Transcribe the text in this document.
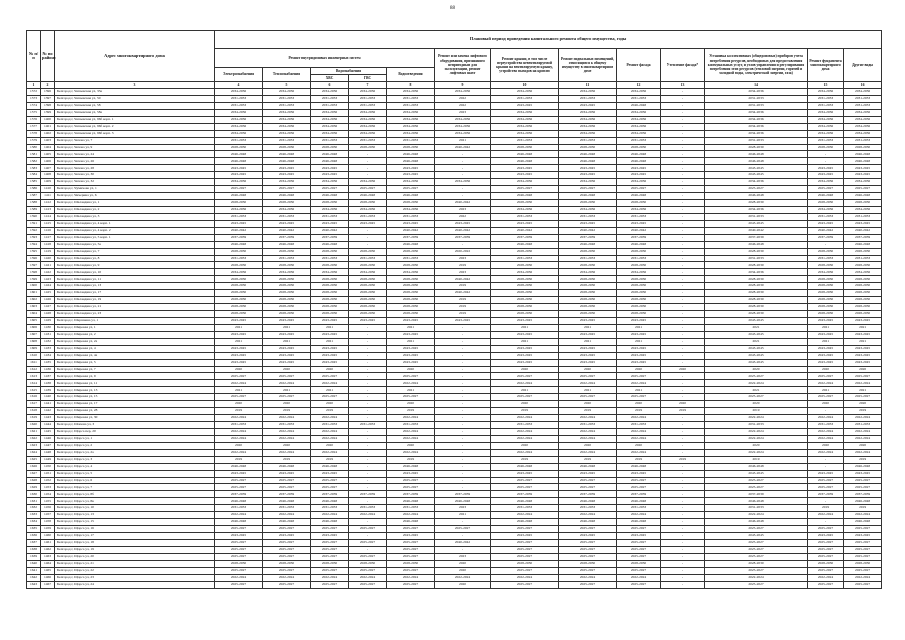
88
№ п/п	№ по району	Адрес многоквартирного дома	Плановый период проведения капитального ремонта общего имущества, годы												
			Ремонт внутридомовых инженерных систем					Ремонт или замена лифтового оборудования, признанного непригодным для эксплуатации, ремонт лифтовых шахт	Ремонт крыши, в том числе переустройство невентилируемой крыши на вентилируемую крышу, устройство выходов на кровлю	Ремонт подвальных помещений, относящихся к общему имуществу в многоквартирном доме	Ремонт фасада	Утепление фасада*	Установка коллективных (общедомовых) приборов учета потребления ресурсов, необходимых для предоставления коммунальных услуг, и узлов управления и регулирования потребления этих ресурсов (тепловой энергии, горячей и холодной воды, электрической энергии, газа)	Ремонт фундамента многоквартирного дома	Другие виды
			Электроснабжения	Теплоснабжения	Водоснабжения
ХВС ГВС		Водоотведения								
1	2	3	4	5	6	7	8	9	10	11	12	13	14	15	16
1572	1396	Белгород г, Чапаевская ул, 33а	2034-2036	2034-2036	2034-2036	2034-2036	2034-2036	2034-2036	2034-2036	2034-2036	2034-2036	-	2034-2036	2034-2036	2034-2036
1573	1397	Белгород г, Чапаевская ул, 50	2031-2033	2031-2033	2031-2033	2031-2033	2031-2033	2022	2031-2033	2031-2033	2031-2033	-	2031-2033	2031-2033	2031-2033
1574	1398	Белгород г, Чапаевская ул, 58	2031-2033	2031-2033	2031-2033	2031-2033	2031-2033	2022	2043-2045	2043-2045	2046-2048	-	2031-2033	2031-2033	2031-2033
1575	1399	Белгород г, Чапаевская ул, 58а	2034-2036	2034-2036	2034-2036	2034-2036	2034-2036	2023	2034-2036	2034-2036	2034-2036	-	2034-2036	2034-2036	2034-2036
1576	1400	Белгород г, Чапаевская ул, 96б корп. 1	2034-2036	2034-2036	2034-2036	2034-2036	2034-2036	2034-2036	2034-2036	2034-2036	2034-2036	-	2034-2036	2034-2036	2034-2036
1577	1401	Белгород г, Чапаевская ул, 96б корп. 2	2034-2036	2034-2036	2034-2036	2034-2036	2034-2036	2034-2036	2034-2036	2034-2036	2034-2036	-	2034-2036	2034-2036	2034-2036
1578	1402	Белгород г, Чапаевская ул, 96б корп. 3	2034-2036	2034-2036	2034-2036	2034-2036	2034-2036	2034-2036	2034-2036	2034-2036	2034-2036	-	2034-2036	2034-2036	2034-2036
1579	1403	Белгород г, Чехова ул, 7	2031-2033	2031-2033	2031-2033	2031-2033	2031-2033	2021	2031-2033	2031-2033	2031-2033	-	2031-2033	2031-2033	2031-2033
1580	1404	Белгород г, Чехова ул, 9	2028-2030	2028-2030	2028-2030	2028-2030	2028-2030	2040-2042	2028-2030	2028-2030	2028-2030	-	2028-2030	2028-2030	2028-2030
1581	1405	Белгород г, Чехова ул, 24	2046-2048	2046-2048	2046-2048	-	2046-2048	-	2046-2048	2046-2048	2046-2048	-	2046-2048	-	2046-2048
1582	1406	Белгород г, Чехова ул, 26	2046-2048	2046-2048	2046-2048	-	2046-2048	-	2046-2048	2046-2048	2046-2048	-	2046-2048	-	2046-2048
1583	1407	Белгород г, Чехова ул, 28	2043-2045	2043-2045	2043-2045	-	2043-2045	-	2043-2045	2043-2045	2043-2045	-	2043-2045	2043-2045	2043-2045
1584	1408	Белгород г, Чехова ул, 30	2043-2045	2043-2045	2043-2045	-	2043-2045	-	2043-2045	2043-2045	2043-2045	-	2043-2045	2043-2045	2043-2045
1585	1409	Белгород г, Чехова ул, 32	2034-2036	2034-2036	2034-2036	2034-2036	2034-2036	2034-2036	2034-2036	2034-2036	2034-2036	-	2034-2036	2034-2036	2034-2036
1586	1410	Белгород г, Чумичова ул, 1	2025-2027	2025-2027	2025-2027	2025-2027	2025-2027	-	2025-2027	2025-2027	2025-2027	-	2025-2027	2025-2027	2025-2027
1587	1411	Белгород г, Чичерина ул, 6	2046-2048	2046-2048	2046-2048	2046-2048	2046-2048	-	2046-2048	2046-2048	2046-2048	-	2046-2048	2046-2048	2046-2048
1588	1412	Белгород г, Шаландина ул, 1	2028-2030	2028-2030	2028-2030	2028-2030	2028-2030	2040-2042	2028-2030	2028-2030	2028-2030	-	2028-2030	2028-2030	2028-2030
1589	1413	Белгород г, Шаландина ул, 2	2034-2036	2034-2036	2034-2036	2034-2036	2034-2036	2023	2034-2036	2034-2036	2034-2036	-	2034-2036	2034-2036	2034-2036
1590	1414	Белгород г, Шаландина ул, 3	2031-2033	2031-2033	2031-2033	2031-2033	2031-2033	2022	2031-2033	2031-2033	2031-2033	-	2031-2033	2031-2033	2031-2033
1591	1415	Белгород г, Шаландина ул, 4 корп. 1	2043-2045	2043-2045	2043-2045	2043-2045	2043-2045	2043-2045	2043-2045	2043-2045	2043-2045	-	2043-2045	2043-2045	2043-2045
1592	1416	Белгород г, Шаландина ул, 4 корп. 2	2040-2042	2040-2042	2040-2042	-	2040-2042	2040-2042	2040-2042	2040-2042	2040-2042	-	2040-2042	2040-2042	2040-2042
1593	1417	Белгород г, Шаландина ул, 5 корп. 1	2037-2039	2037-2039	2037-2039	-	2037-2039	2037-2039	2037-2039	2037-2039	2037-2039	-	2037-2039	2037-2039	2037-2039
1594	1418	Белгород г, Шаландина ул, 5а	2046-2048	2046-2048	2046-2048	-	2046-2048	-	2046-2048	2046-2048	2046-2048	-	2046-2048	-	2046-2048
1595	1419	Белгород г, Шаландина ул, 7	2028-2030	2028-2030	2028-2030	2028-2030	2028-2030	2020-2022	2028-2030	2028-2030	2028-2030	-	2028-2030	2028-2030	2028-2030
1596	1420	Белгород г, Шаландина ул, 8	2031-2033	2031-2033	2031-2033	2031-2033	2031-2033	2023	2031-2033	2031-2033	2031-2033	-	2031-2033	2031-2033	2031-2033
1597	1421	Белгород г, Шаландина ул, 9	2028-2030	2028-2030	2028-2030	2028-2030	2028-2030	2019	2028-2030	2028-2030	2028-2030	-	2028-2030	2028-2030	2028-2030
1598	1422	Белгород г, Шаландина ул, 10	2034-2036	2034-2036	2034-2036	2034-2036	2034-2036	2023	2034-2036	2034-2036	2034-2036	-	2034-2036	2034-2036	2034-2036
1599	1423	Белгород г, Шаландина ул, 11	2028-2030	2028-2030	2028-2030	2028-2030	2028-2030	2040-2042	2028-2030	2028-2030	2028-2030	-	2028-2030	2028-2030	2028-2030
1600	1424	Белгород г, Шаландина ул, 13	2028-2030	2028-2030	2028-2030	2028-2030	2028-2030	2019	2028-2030	2028-2030	2028-2030	-	2028-2030	2028-2030	2028-2030
1601	1425	Белгород г, Шаландина ул, 17	2028-2030	2028-2030	2028-2030	2028-2030	2028-2030	2040-2042	2028-2030	2028-2030	2028-2030	-	2028-2030	2028-2030	2028-2030
1602	1426	Белгород г, Шаландина ул, 19	2028-2030	2028-2030	2028-2030	2028-2030	2028-2030	2019	2028-2030	2028-2030	2028-2030	-	2028-2030	2028-2030	2028-2030
1603	1427	Белгород г, Шаландина ул, 21	2028-2030	2028-2030	2028-2030	2028-2030	2028-2030	2019	2028-2030	2028-2030	2028-2030	-	2028-2030	2028-2030	2028-2030
1604	1428	Белгород г, Шаландина ул, 23	2028-2030	2028-2030	2028-2030	2028-2030	2028-2030	2019	2028-2030	2028-2030	2028-2030	-	2028-2030	2028-2030	2028-2030
1605	1429	Белгород г, Шершнева ул, 1	2043-2045	2043-2045	2043-2045	2043-2045	2043-2045	2043-2045	2043-2045	2043-2045	2043-2045	-	2043-2045	2043-2045	2043-2045
1606	1430	Белгород г, Широкая ул, 1	2021	2021	2021	-	2021	-	2021	2021	2021	-	2021	2021	2021
1607	1431	Белгород г, Широкая ул, 2	2043-2045	2043-2045	2043-2045	-	2043-2045	-	2043-2045	2043-2045	2043-2045	-	2043-2045	2043-2045	2043-2045
1608	1432	Белгород г, Широкая ул, 2а	2021	2021	2021	-	2021	-	2021	2021	2021	-	2021	2021	2021
1609	1433	Белгород г, Широкая ул, 4	2043-2045	2043-2045	2043-2045	-	2043-2045	-	2043-2045	2043-2045	2043-2045	-	2043-2045	2043-2045	2043-2045
1610	1434	Белгород г, Широкая ул, 4а	2043-2045	2043-2045	2043-2045	-	2043-2045	-	2043-2045	2043-2045	2043-2045	-	2043-2045	2043-2045	2043-2045
1611	1435	Белгород г, Широкая ул, 5	2043-2045	2043-2045	2043-2045	-	2043-2045	-	2043-2045	2043-2045	2043-2045	-	2043-2045	2043-2045	2043-2045
1612	1436	Белгород г, Широкая ул, 7	2020	2020	2020	-	2020	-	2020	2020	2020	2020	2020	2020	2020
1613	1437	Белгород г, Широкая ул, 9	2025-2027	2025-2027	2025-2027	-	2025-2027	-	2025-2027	2025-2027	2025-2027	-	2025-2027	2025-2027	2025-2027
1614	1438	Белгород г, Широкая ул, 11	2022-2024	2022-2024	2022-2024	-	2022-2024	-	2022-2024	2022-2024	2022-2024	-	2022-2024	2022-2024	2022-2024
1615	1439	Белгород г, Широкая ул, 13	2021	2021	2021	-	2021	-	2021	2021	2021	-	2021	2021	2021
1616	1440	Белгород г, Широкая ул, 15	2025-2027	2025-2027	2025-2027	-	2025-2027	-	2025-2027	2025-2027	2025-2027	-	2025-2027	2025-2027	2025-2027
1617	1441	Белгород г, Широкая ул, 17	2020	2020	2020	-	2020	-	2020	2020	2020	2020	2020	2020	2020
1618	1442	Белгород г, Широкая ул, 28	2019	2019	2019	-	2019	-	2019	2019	2019	2019	2019	-	2019
1619	1443	Белгород г, Широкая ул, 30	2022-2024	2022-2024	2022-2024	-	2022-2024	-	2022-2024	2022-2024	2022-2024	-	2022-2024	2022-2024	2022-2024
1620	1444	Белгород г, Шопена ул, 3	2031-2033	2031-2033	2031-2033	2031-2033	2031-2033	-	2031-2033	2031-2033	2031-2033	-	2031-2033	2031-2033	2031-2033
1621	1445	Белгород г, Щорса пер, 20	2022-2024	2022-2024	2022-2024	-	2022-2024	-	2022-2024	2022-2024	2022-2024	-	2022-2024	2022-2024	2022-2024
1622	1446	Белгород г, Щорса ул, 1	2022-2024	2022-2024	2022-2024	-	2022-2024	-	2022-2024	2022-2024	2022-2024	-	2022-2024	2022-2024	2022-2024
1623	1447	Белгород г, Щорса ул, 2	2020	2020	2020	-	2020	-	2020	2020	2020	-	2020	2020	2020
1624	1448	Белгород г, Щорса ул, 2а	2022-2024	2022-2024	2022-2024	-	2022-2024	-	2022-2024	2022-2024	2022-2024	-	2022-2024	2022-2024	2022-2024
1625	1449	Белгород г, Щорса ул, 3	2019	2019	2019	-	2019	-	2019	2019	2019	2019	2019	-	2019
1626	1450	Белгород г, Щорса ул, 4	2046-2048	2046-2048	2046-2048	-	2046-2048	-	2046-2048	2046-2048	2046-2048	-	2046-2048	-	2046-2048
1627	1451	Белгород г, Щорса ул, 5	2043-2045	2043-2045	2043-2045	-	2043-2045	-	2043-2045	2043-2045	2043-2045	-	2043-2045	2043-2045	2043-2045
1628	1452	Белгород г, Щорса ул, 6	2025-2027	2025-2027	2025-2027	-	2025-2027	-	2025-2027	2025-2027	2025-2027	-	2025-2027	2025-2027	2025-2027
1629	1453	Белгород г, Щорса ул, 7	2025-2027	2025-2027	2025-2027	-	2025-2027	-	2025-2027	2025-2027	2025-2027	-	2025-2027	2025-2027	2025-2027
1630	1454	Белгород г, Щорса ул, 8б	2037-2039	2037-2039	2037-2039	2037-2039	2037-2039	2037-2039	2037-2039	2037-2039	2037-2039	-	2037-2039	2037-2039	2037-2039
1631	1455	Белгород г, Щорса ул, 8в	2046-2048	2046-2048	2046-2048	-	2046-2048	2046-2048	2046-2048	2046-2048	2046-2048	-	2046-2048	-	2046-2048
1632	1456	Белгород г, Щорса ул, 10	2031-2033	2031-2033	2031-2033	2031-2033	2031-2033	2023	2031-2033	2031-2033	2031-2033	-	2031-2033	2019	2019
1633	1457	Белгород г, Щорса ул, 13	2022-2024	2022-2024	2022-2024	2022-2024	2022-2024	2021	2022-2024	2022-2024	2022-2024	-	2022-2024	2022-2024	2022-2024
1634	1458	Белгород г, Щорса ул, 15	2046-2048	2046-2048	2046-2048	-	2046-2048	-	2046-2048	2046-2048	2046-2048	-	2046-2048	-	2046-2048
1635	1459	Белгород г, Щорса ул, 16	2025-2027	2025-2027	2025-2027	2025-2027	2025-2027	2025-2027	2025-2027	2025-2027	2025-2027	-	2025-2027	2025-2027	2025-2027
1636	1460	Белгород г, Щорса ул, 17	2043-2045	2043-2045	2043-2045	-	2043-2045	-	2043-2045	2043-2045	2043-2045	-	2043-2045	2043-2045	2043-2045
1637	1461	Белгород г, Щорса ул, 18	2025-2027	2025-2027	2025-2027	2025-2027	2025-2027	2040-2042	2025-2027	2025-2027	2025-2027	-	2025-2027	2025-2027	2025-2027
1638	1462	Белгород г, Щорса ул, 19	2025-2027	2025-2027	2025-2027	-	2025-2027	-	2025-2027	2025-2027	2025-2027	-	2025-2027	2025-2027	2025-2027
1639	1463	Белгород г, Щорса ул, 20	2025-2027	2025-2027	2025-2027	2025-2027	2025-2027	2023	2025-2027	2025-2027	2025-2027	-	2025-2027	2025-2027	2025-2027
1640	1464	Белгород г, Щорса ул, 21	2028-2030	2028-2030	2028-2030	2028-2030	2028-2030	2020	2028-2030	2028-2030	2028-2030	-	2028-2030	2028-2030	2028-2030
1641	1465	Белгород г, Щорса ул, 22	2025-2027	2025-2027	2025-2027	2025-2027	2025-2027	2020	2025-2027	2025-2027	2025-2027	-	2025-2027	2025-2027	2025-2027
1642	1466	Белгород г, Щорса ул, 23	2022-2024	2022-2024	2022-2024	2022-2024	2022-2024	2022-2024	2022-2024	2022-2024	2022-2024	-	2022-2024	2022-2024	2022-2024
1643	1467	Белгород г, Щорса ул, 24	2025-2027	2025-2027	2025-2027	2025-2027	2025-2027	2020	2025-2027	2025-2027	2025-2027	-	2025-2027	2025-2027	2025-2027
